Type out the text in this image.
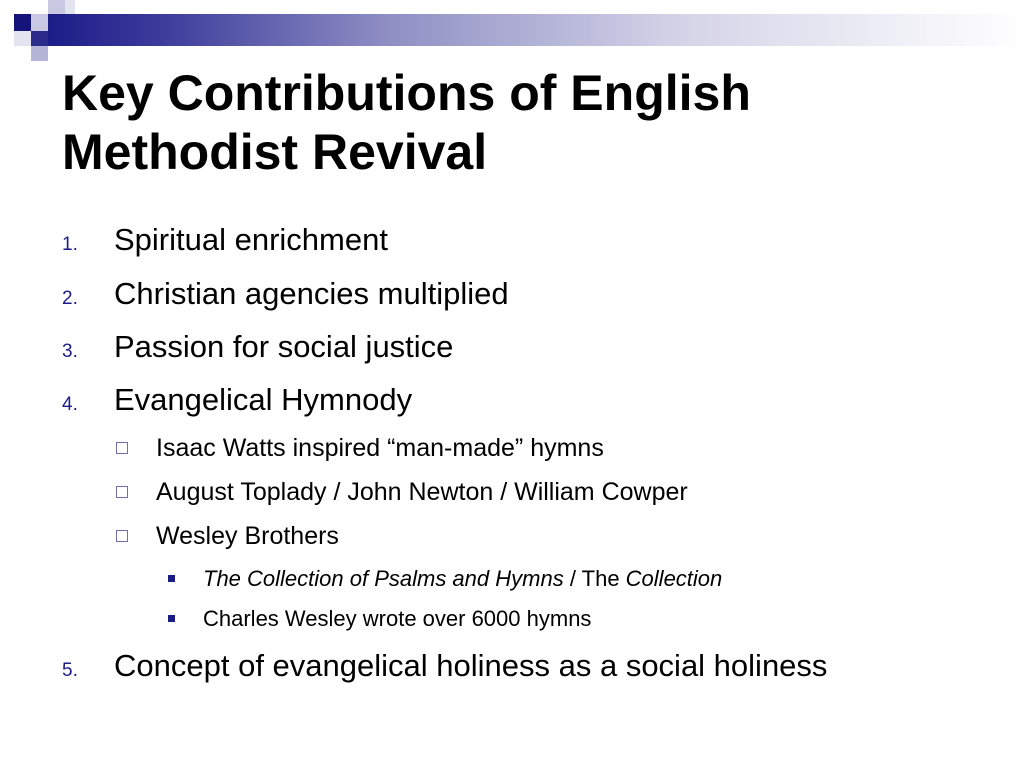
Key Contributions of English
Methodist Revival
1.	Spiritual enrichment
2.	Christian agencies multiplied
3.	Passion for social justice
4.	Evangelical Hymnody
Isaac Watts inspired “man-made” hymns
August Toplady / John Newton / William Cowper
Wesley Brothers
The Collection of Psalms and Hymns / The Collection
Charles Wesley wrote over 6000 hymns
5.	Concept of evangelical holiness as a social holiness
